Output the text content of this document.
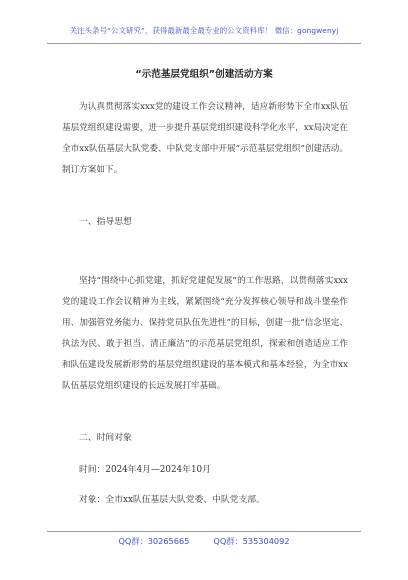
关注头条号“公文研究”，获得最新最全最专业的公文资料库！ 微信：gongwenyj
“示范基层党组织”创建活动方案
为认真贯彻落实xxx党的建设工作会议精神，适应新形势下全市xx队伍基层党组织建设需要，进一步提升基层党组织建设科学化水平，xx局决定在全市xx队伍基层大队党委、中队党支部中开展“示范基层党组织”创建活动。制订方案如下。
一、指导思想
坚持“围绕中心抓党建，抓好党建促发展”的工作思路，以贯彻落实xxx党的建设工作会议精神为主线，紧紧围绕“充分发挥核心领导和战斗堡垒作用、加强管党务能力、保持党员队伍先进性”的目标，创建一批“信念坚定、执法为民、敢于担当、清正廉洁”的示范基层党组织，探索和创造适应工作和队伍建设发展新形势的基层党组织建设的基本模式和基本经验，为全市xx队伍基层党组织建设的长远发展打牢基础。
二、时间对象
时间：2024年4月—2024年10月
对象：全市xx队伍基层大队党委、中队党支部。
QQ群：30265665	QQ群：535304092
